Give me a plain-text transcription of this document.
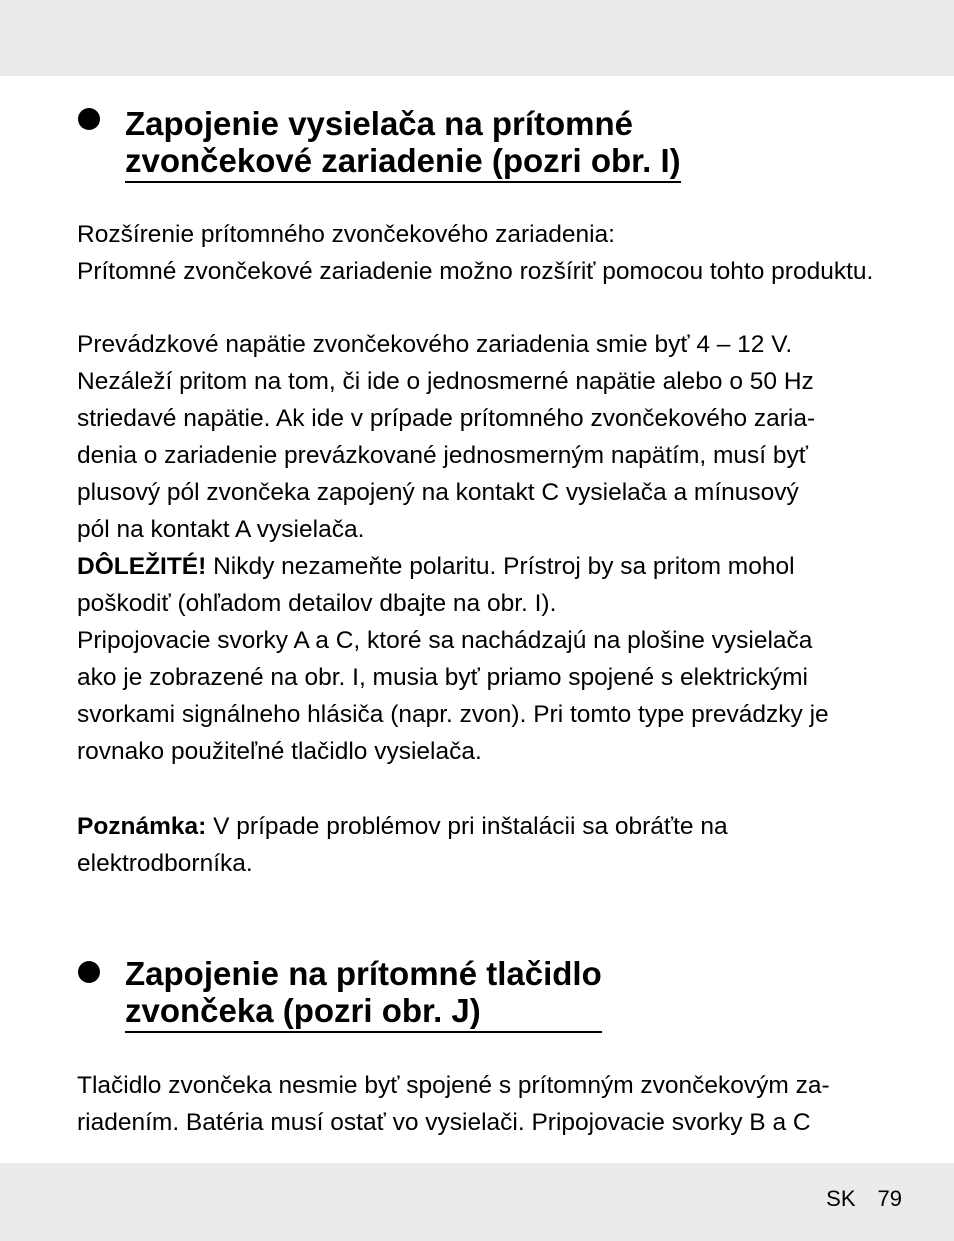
Zapojenie vysielača na prítomné
zvončekové zariadenie (pozri obr. I)
Rozšírenie prítomného zvončekového zariadenia:
Prítomné zvončekové zariadenie možno rozšíriť pomocou tohto produktu.
Prevádzkové napätie zvončekového zariadenia smie byť 4 – 12 V.
Nezáleží pritom na tom, či ide o jednosmerné napätie alebo o 50 Hz
striedavé napätie. Ak ide v prípade prítomného zvončekového zaria-
denia o zariadenie prevázkované jednosmerným napätím, musí byť
plusový pól zvončeka zapojený na kontakt C vysielača a mínusový
pól na kontakt A vysielača.
DÔLEŽITÉ! Nikdy nezameňte polaritu. Prístroj by sa pritom mohol
poškodiť (ohľadom detailov dbajte na obr. I).
Pripojovacie svorky A a C, ktoré sa nachádzajú na plošine vysielača
ako je zobrazené na obr. I, musia byť priamo spojené s elektrickými
svorkami signálneho hlásiča (napr. zvon). Pri tomto type prevádzky je
rovnako použiteľné tlačidlo vysielača.
Poznámka: V prípade problémov pri inštalácii sa obráťte na
elektrodborníka.
Zapojenie na prítomné tlačidlo
zvončeka (pozri obr. J)
Tlačidlo zvončeka nesmie byť spojené s prítomným zvončekovým za-
riadením. Batéria musí ostať vo vysielači. Pripojovacie svorky B a C
SK 79
